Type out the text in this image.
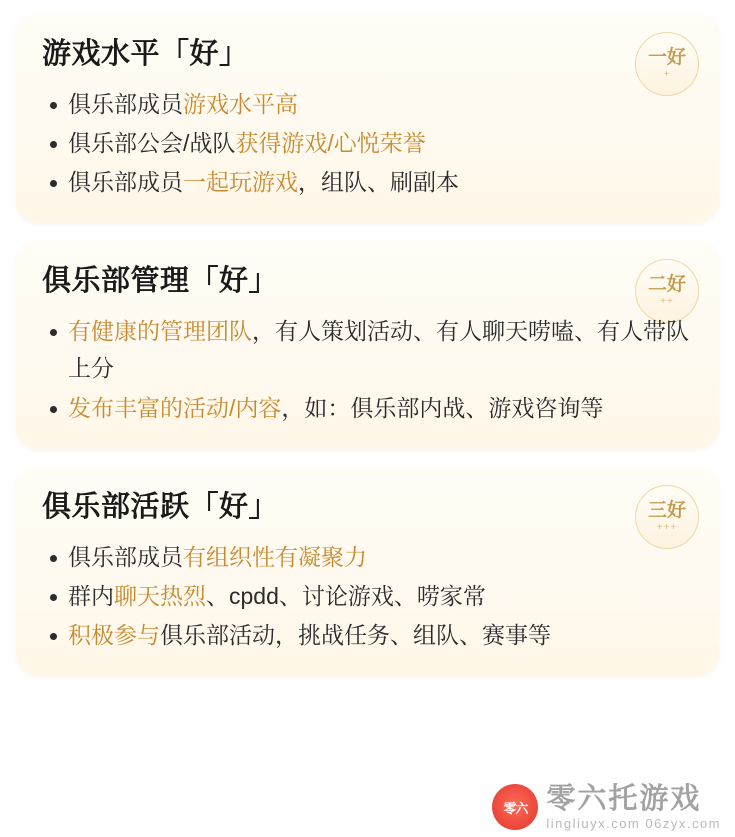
游戏水平「好」	一好
+
俱乐部成员游戏水平高
俱乐部公会/战队获得游戏/心悦荣誉
俱乐部成员一起玩游戏，组队、刷副本
俱乐部管理「好」	二好
++
有健康的管理团队，有人策划活动、有人聊天唠嗑、有人带队上分
发布丰富的活动/内容，如：俱乐部内战、游戏咨询等
俱乐部活跃「好」	三好
+++
俱乐部成员有组织性有凝聚力
群内聊天热烈、cpdd、讨论游戏、唠家常
积极参与俱乐部活动，挑战任务、组队、赛事等
零六 零六托游戏
lingliuyx.com 06zyx.com
